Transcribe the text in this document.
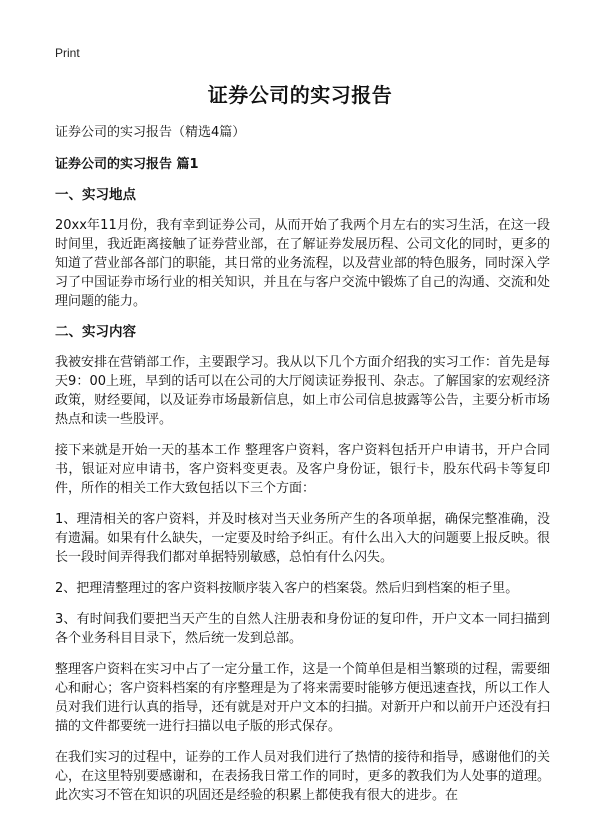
Print
证券公司的实习报告

证券公司的实习报告（精选4篇）

证券公司的实习报告 篇1

一、实习地点

20xx年11月份，我有幸到证券公司，从而开始了我两个月左右的实习生活，在这一段时间里，我近距离接触了证券营业部，在了解证券发展历程、公司文化的同时，更多的知道了营业部各部门的职能，其日常的业务流程，以及营业部的特色服务，同时深入学习了中国证券市场行业的相关知识，并且在与客户交流中锻炼了自己的沟通、交流和处理问题的能力。

二、实习内容

我被安排在营销部工作，主要跟学习。我从以下几个方面介绍我的实习工作：首先是每天9：00上班，早到的话可以在公司的大厅阅读证券报刊、杂志。了解国家的宏观经济政策，财经要闻，以及证券市场最新信息，如上市公司信息披露等公告，主要分析市场热点和读一些股评。

接下来就是开始一天的基本工作 整理客户资料，客户资料包括开户申请书，开户合同书，银证对应申请书，客户资料变更表。及客户身份证，银行卡，股东代码卡等复印件，所作的相关工作大致包括以下三个方面：

1、理清相关的客户资料，并及时核对当天业务所产生的各项单据，确保完整准确，没有遗漏。如果有什么缺失，一定要及时给予纠正。有什么出入大的问题要上报反映。很长一段时间弄得我们都对单据特别敏感，总怕有什么闪失。

2、把理清整理过的客户资料按顺序装入客户的档案袋。然后归到档案的柜子里。

3、有时间我们要把当天产生的自然人注册表和身份证的复印件，开户文本一同扫描到各个业务科目目录下，然后统一发到总部。

整理客户资料在实习中占了一定分量工作，这是一个简单但是相当繁琐的过程，需要细心和耐心；客户资料档案的有序整理是为了将来需要时能够方便迅速查找，所以工作人员对我们进行认真的指导，还有就是对开户文本的扫描。对新开户和以前开户还没有扫描的文件都要统一进行扫描以电子版的形式保存。

在我们实习的过程中，证券的工作人员对我们进行了热情的接待和指导，感谢他们的关心，在这里特别要感谢和，在表扬我日常工作的同时，更多的教我们为人处事的道理。 此次实习不管在知识的巩固还是经验的积累上都使我有很大的进步。在
